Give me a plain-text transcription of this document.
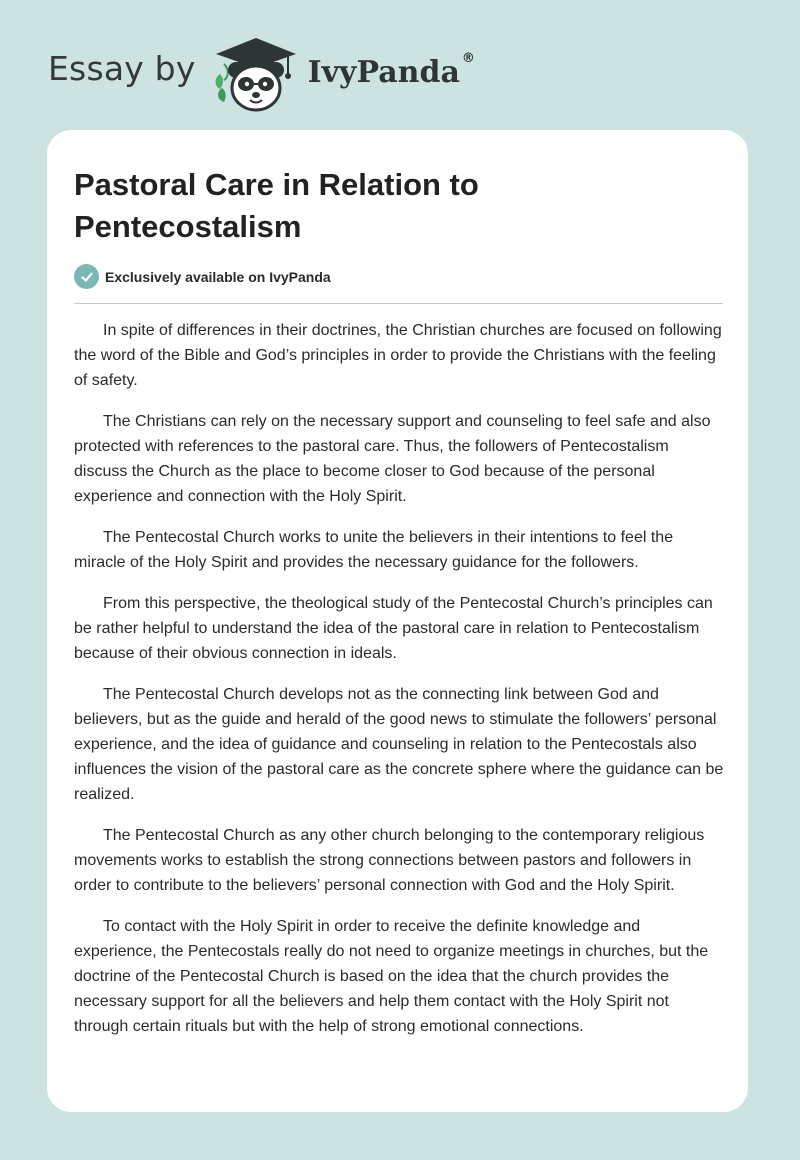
Essay by	IvyPanda ®
Pastoral Care in Relation to Pentecostalism
Exclusively available on IvyPanda

In spite of differences in their doctrines, the Christian churches are focused on following the word of the Bible and God’s principles in order to provide the Christians with the feeling of safety.

The Christians can rely on the necessary support and counseling to feel safe and also protected with references to the pastoral care. Thus, the followers of Pentecostalism discuss the Church as the place to become closer to God because of the personal experience and connection with the Holy Spirit.

The Pentecostal Church works to unite the believers in their intentions to feel the miracle of the Holy Spirit and provides the necessary guidance for the followers.

From this perspective, the theological study of the Pentecostal Church’s principles can be rather helpful to understand the idea of the pastoral care in relation to Pentecostalism because of their obvious connection in ideals.

The Pentecostal Church develops not as the connecting link between God and believers, but as the guide and herald of the good news to stimulate the followers’ personal experience, and the idea of guidance and counseling in relation to the Pentecostals also influences the vision of the pastoral care as the concrete sphere where the guidance can be realized.

The Pentecostal Church as any other church belonging to the contemporary religious movements works to establish the strong connections between pastors and followers in order to contribute to the believers’ personal connection with God and the Holy Spirit.

To contact with the Holy Spirit in order to receive the definite knowledge and experience, the Pentecostals really do not need to organize meetings in churches, but the doctrine of the Pentecostal Church is based on the idea that the church provides the necessary support for all the believers and help them contact with the Holy Spirit not through certain rituals but with the help of strong emotional connections.
